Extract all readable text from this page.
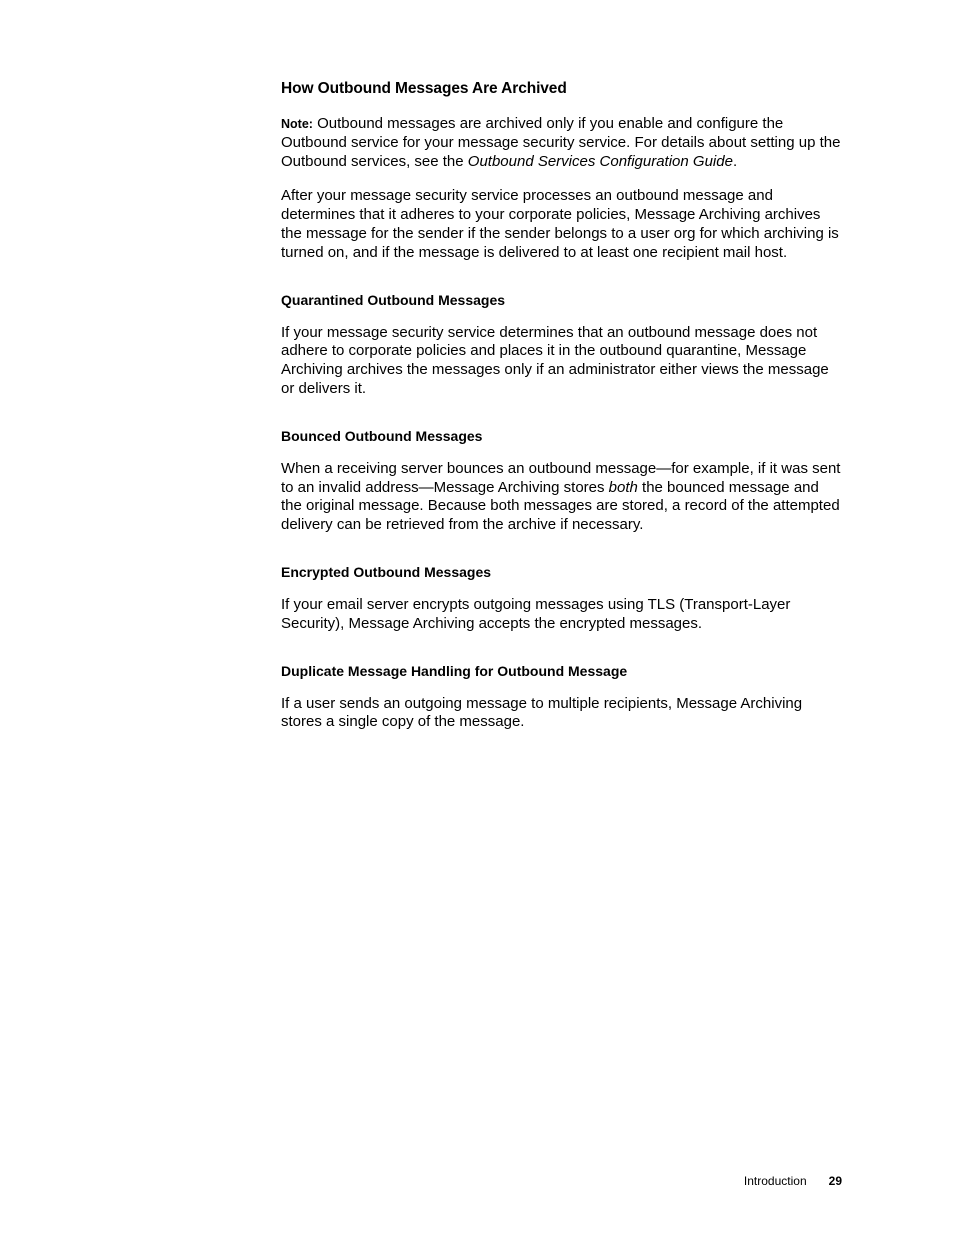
How Outbound Messages Are Archived

Note: Outbound messages are archived only if you enable and configure the Outbound service for your message security service. For details about setting up the Outbound services, see the Outbound Services Configuration Guide.

After your message security service processes an outbound message and determines that it adheres to your corporate policies, Message Archiving archives the message for the sender if the sender belongs to a user org for which archiving is turned on, and if the message is delivered to at least one recipient mail host.

Quarantined Outbound Messages

If your message security service determines that an outbound message does not adhere to corporate policies and places it in the outbound quarantine, Message Archiving archives the messages only if an administrator either views the message or delivers it.

Bounced Outbound Messages

When a receiving server bounces an outbound message—for example, if it was sent to an invalid address—Message Archiving stores both the bounced message and the original message. Because both messages are stored, a record of the attempted delivery can be retrieved from the archive if necessary.

Encrypted Outbound Messages

If your email server encrypts outgoing messages using TLS (Transport-Layer Security), Message Archiving accepts the encrypted messages.

Duplicate Message Handling for Outbound Message

If a user sends an outgoing message to multiple recipients, Message Archiving stores a single copy of the message.

Introduction 29
